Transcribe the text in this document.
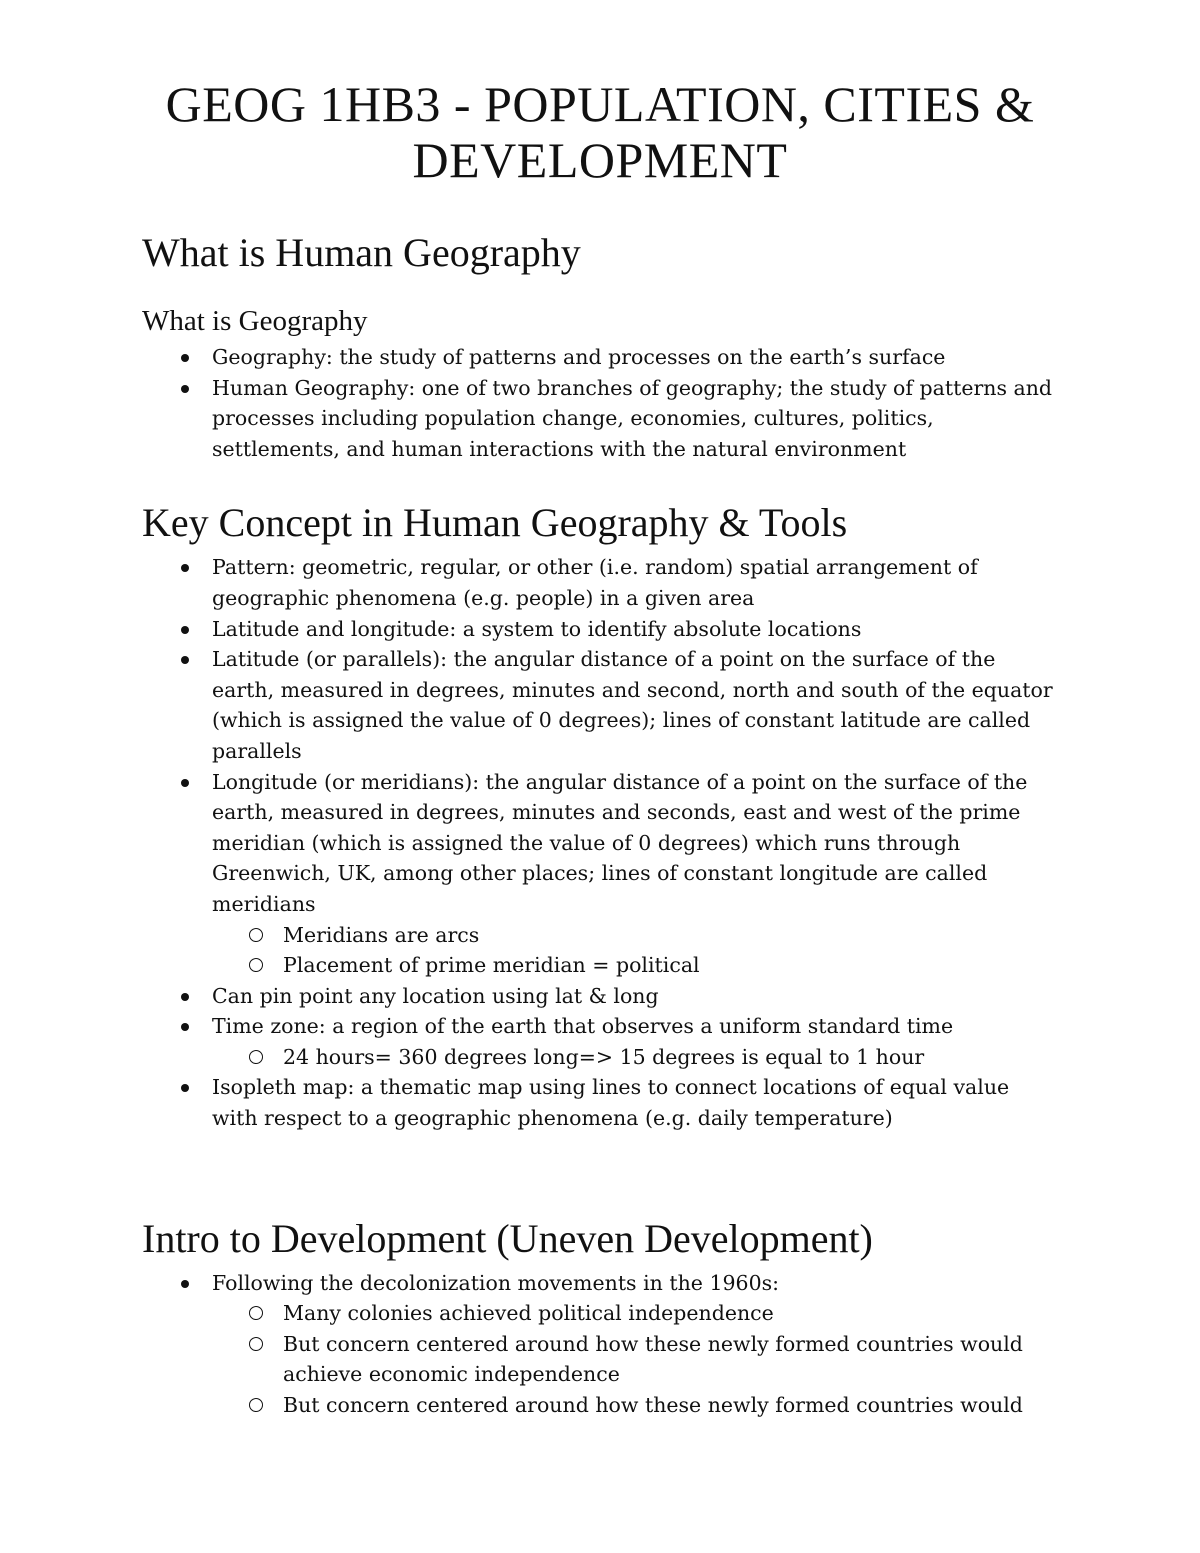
GEOG 1HB3 - POPULATION, CITIES & DEVELOPMENT
What is Human Geography
What is Geography
Geography: the study of patterns and processes on the earth’s surface
Human Geography: one of two branches of geography; the study of patterns and processes including population change, economies, cultures, politics, settlements, and human interactions with the natural environment
Key Concept in Human Geography & Tools
Pattern: geometric, regular, or other (i.e. random) spatial arrangement of geographic phenomena (e.g. people) in a given area
Latitude and longitude: a system to identify absolute locations
Latitude (or parallels): the angular distance of a point on the surface of the earth, measured in degrees, minutes and second, north and south of the equator (which is assigned the value of 0 degrees); lines of constant latitude are called parallels
Longitude (or meridians): the angular distance of a point on the surface of the earth, measured in degrees, minutes and seconds, east and west of the prime meridian (which is assigned the value of 0 degrees) which runs through Greenwich, UK, among other places; lines of constant longitude are called meridians
Meridians are arcs
Placement of prime meridian = political
Can pin point any location using lat & long
Time zone: a region of the earth that observes a uniform standard time
24 hours= 360 degrees long=> 15 degrees is equal to 1 hour
Isopleth map: a thematic map using lines to connect locations of equal value with respect to a geographic phenomena (e.g. daily temperature)
Intro to Development (Uneven Development)
Following the decolonization movements in the 1960s:
Many colonies achieved political independence
But concern centered around how these newly formed countries would achieve economic independence
But concern centered around how these newly formed countries would
